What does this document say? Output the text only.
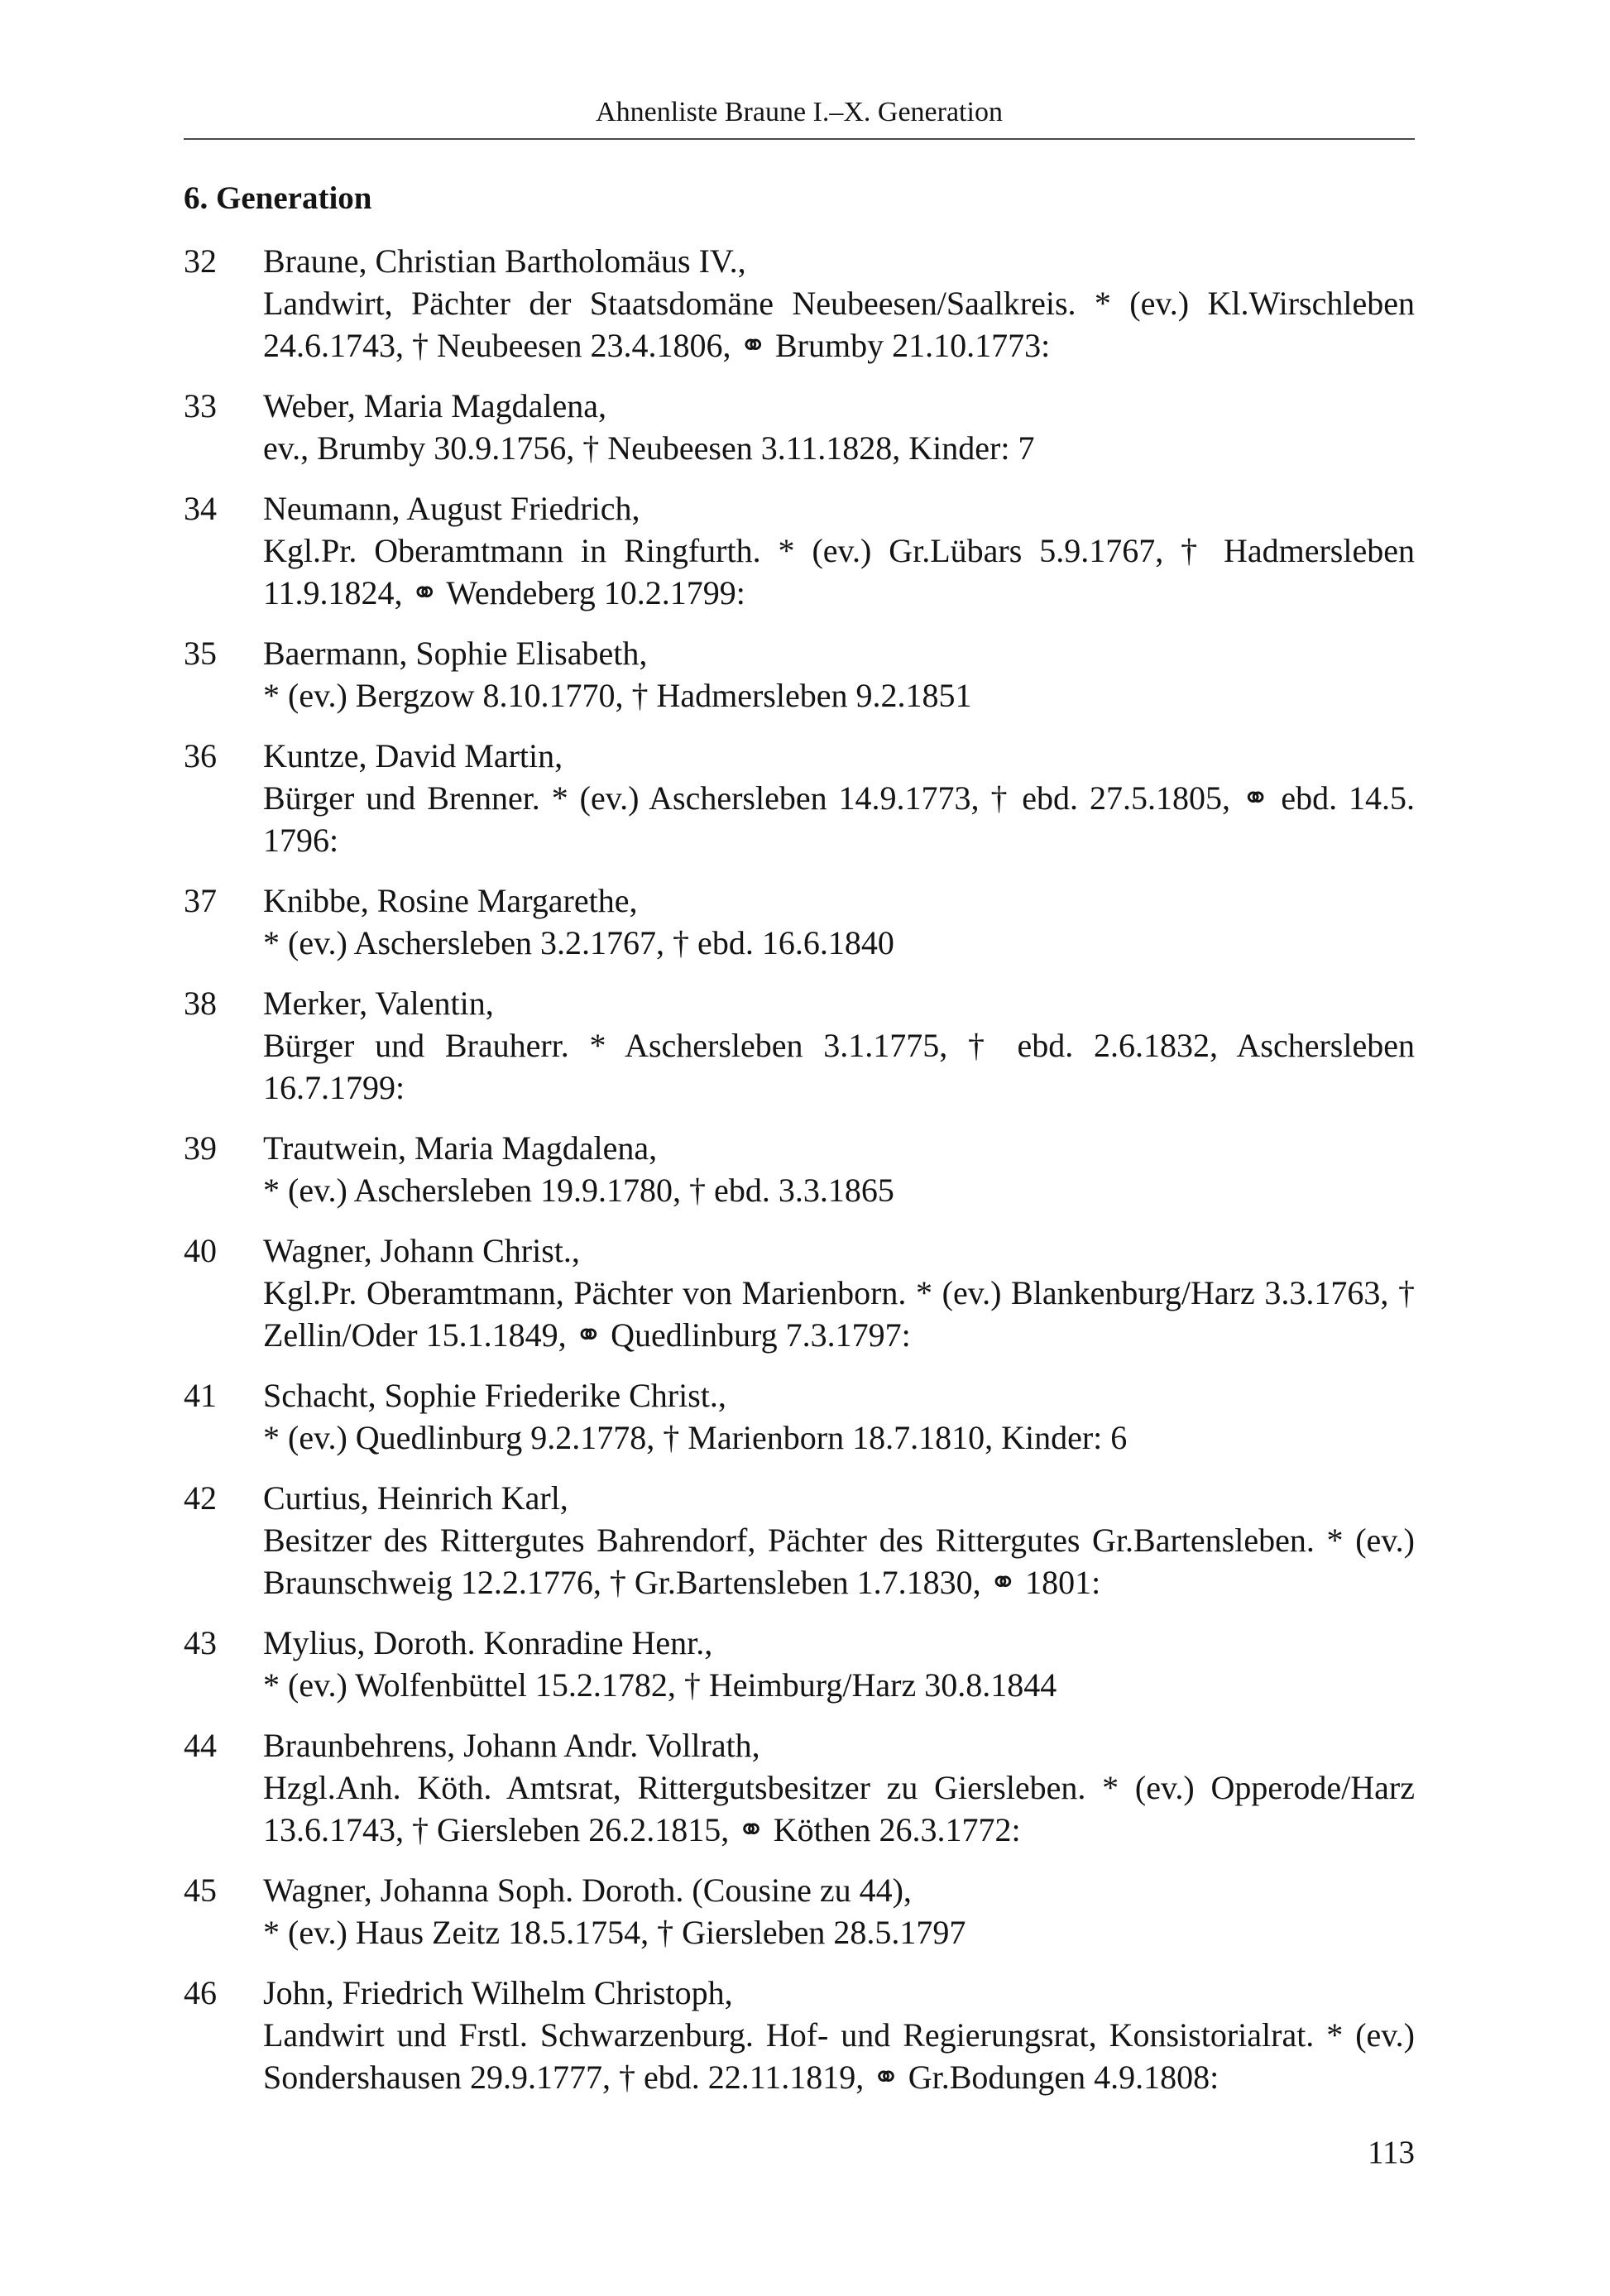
Ahnenliste Braune I.–X. Generation
6. Generation
32 Braune, Christian Bartholomäus IV.,
Landwirt, Pächter der Staatsdomäne Neubeesen/Saalkreis. * (ev.) Kl.Wirschleben 24.6.1743, † Neubeesen 23.4.1806, ⚭ Brumby 21.10.1773:
33 Weber, Maria Magdalena,
ev., Brumby 30.9.1756, † Neubeesen 3.11.1828, Kinder: 7
34 Neumann, August Friedrich,
Kgl.Pr. Oberamtmann in Ringfurth. * (ev.) Gr.Lübars 5.9.1767, † Hadmersleben 11.9.1824, ⚭ Wendeberg 10.2.1799:
35 Baermann, Sophie Elisabeth,
* (ev.) Bergzow 8.10.1770, † Hadmersleben 9.2.1851
36 Kuntze, David Martin,
Bürger und Brenner. * (ev.) Aschersleben 14.9.1773, † ebd. 27.5.1805, ⚭ ebd. 14.5. 1796:
37 Knibbe, Rosine Margarethe,
* (ev.) Aschersleben 3.2.1767, † ebd. 16.6.1840
38 Merker, Valentin,
Bürger und Brauherr. * Aschersleben 3.1.1775, † ebd. 2.6.1832, Aschersleben 16.7.1799:
39 Trautwein, Maria Magdalena,
* (ev.) Aschersleben 19.9.1780, † ebd. 3.3.1865
40 Wagner, Johann Christ.,
Kgl.Pr. Oberamtmann, Pächter von Marienborn. * (ev.) Blankenburg/Harz 3.3.1763, † Zellin/Oder 15.1.1849, ⚭ Quedlinburg 7.3.1797:
41 Schacht, Sophie Friederike Christ.,
* (ev.) Quedlinburg 9.2.1778, † Marienborn 18.7.1810, Kinder: 6
42 Curtius, Heinrich Karl,
Besitzer des Rittergutes Bahrendorf, Pächter des Rittergutes Gr.Bartensleben. * (ev.) Braunschweig 12.2.1776, † Gr.Bartensleben 1.7.1830, ⚭ 1801:
43 Mylius, Doroth. Konradine Henr.,
* (ev.) Wolfenbüttel 15.2.1782, † Heimburg/Harz 30.8.1844
44 Braunbehrens, Johann Andr. Vollrath,
Hzgl.Anh. Köth. Amtsrat, Rittergutsbesitzer zu Giersleben. * (ev.) Opperode/Harz 13.6.1743, † Giersleben 26.2.1815, ⚭ Köthen 26.3.1772:
45 Wagner, Johanna Soph. Doroth. (Cousine zu 44),
* (ev.) Haus Zeitz 18.5.1754, † Giersleben 28.5.1797
46 John, Friedrich Wilhelm Christoph,
Landwirt und Frstl. Schwarzenburg. Hof- und Regierungsrat, Konsistorialrat. * (ev.) Sondershausen 29.9.1777, † ebd. 22.11.1819, ⚭ Gr.Bodungen 4.9.1808:
113
